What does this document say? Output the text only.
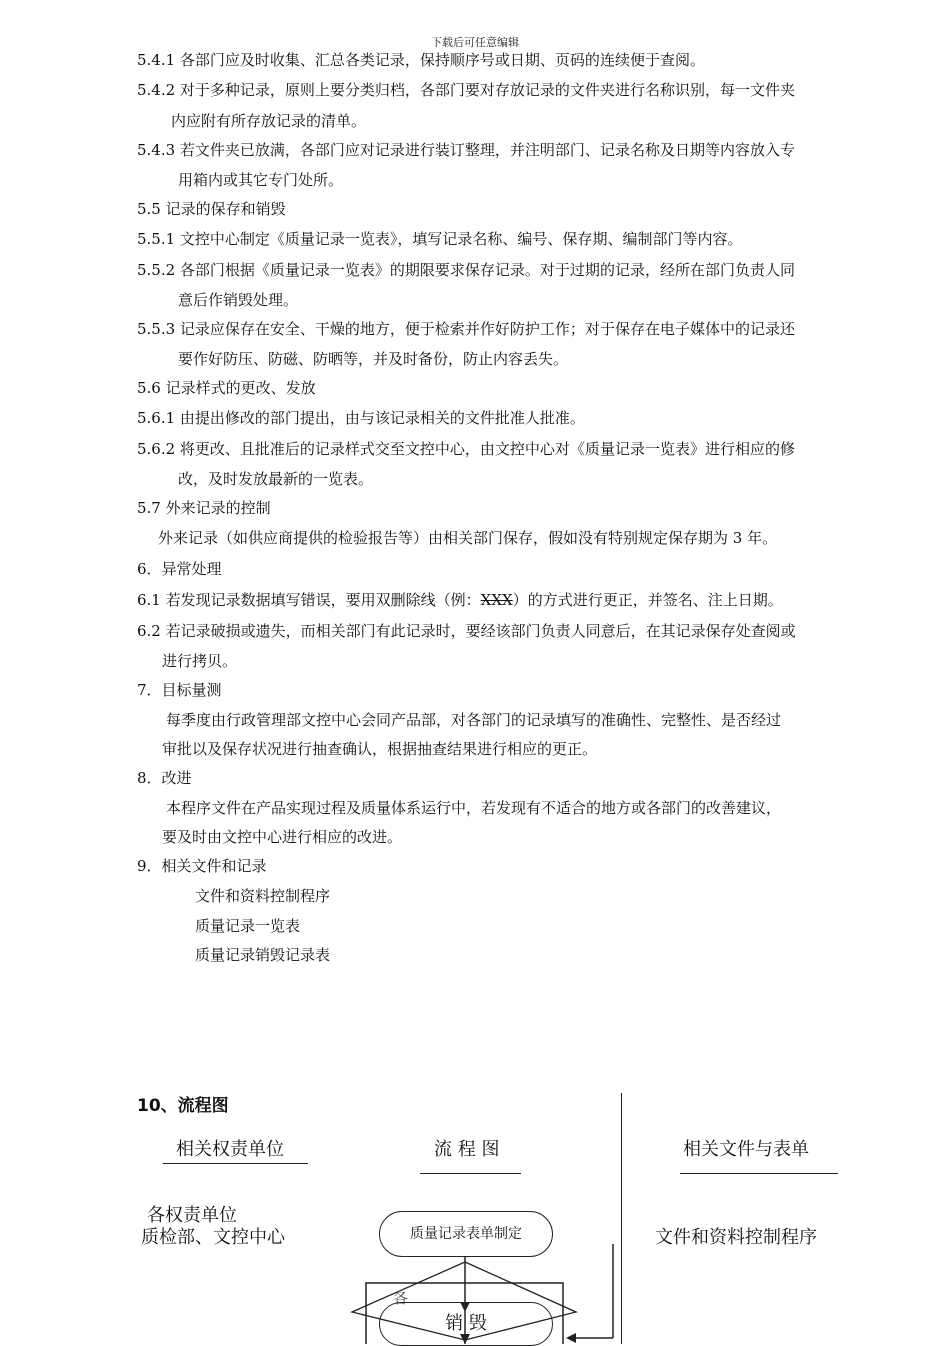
下载后可任意编辑
5.4.1 各部门应及时收集、汇总各类记录，保持顺序号或日期、页码的连续便于查阅。
5.4.2 对于多种记录，原则上要分类归档，各部门要对存放记录的文件夹进行名称识别，每一文件夹
内应附有所存放记录的清单。
5.4.3 若文件夹已放满，各部门应对记录进行装订整理，并注明部门、记录名称及日期等内容放入专
用箱内或其它专门处所。
5.5 记录的保存和销毁
5.5.1 文控中心制定《质量记录一览表》，填写记录名称、编号、保存期、编制部门等内容。
5.5.2 各部门根据《质量记录一览表》的期限要求保存记录。对于过期的记录，经所在部门负责人同
意后作销毁处理。
5.5.3 记录应保存在安全、干燥的地方，便于检索并作好防护工作；对于保存在电子媒体中的记录还
要作好防压、防磁、防晒等，并及时备份，防止内容丢失。
5.6 记录样式的更改、发放
5.6.1 由提出修改的部门提出，由与该记录相关的文件批准人批准。
5.6.2 将更改、且批准后的记录样式交至文控中心，由文控中心对《质量记录一览表》进行相应的修
改，及时发放最新的一览表。
5.7 外来记录的控制
外来记录（如供应商提供的检验报告等）由相关部门保存，假如没有特别规定保存期为 3 年。
6．异常处理
6.2 若记录破损或遗失，而相关部门有此记录时，要经该部门负责人同意后，在其记录保存处查阅或
进行拷贝。
7．目标量测
每季度由行政管理部文控中心会同产品部，对各部门的记录填写的准确性、完整性、是否经过
审批以及保存状况进行抽查确认，根据抽查结果进行相应的更正。
8．改进
本程序文件在产品实现过程及质量体系运行中，若发现有不适合的地方或各部门的改善建议，
要及时由文控中心进行相应的改进。
9．相关文件和记录
文件和资料控制程序
质量记录一览表
质量记录销毁记录表
6.1 若发现记录数据填写错误，要用双删除线（例：XXX）的方式进行更正，并签名、注上日期。
10、流程图
相关权责单位	流 程 图	相关文件与表单
各权责单位
质检部、文控中心	质量记录表单制定	文件和资料控制程序
各
销 毁
